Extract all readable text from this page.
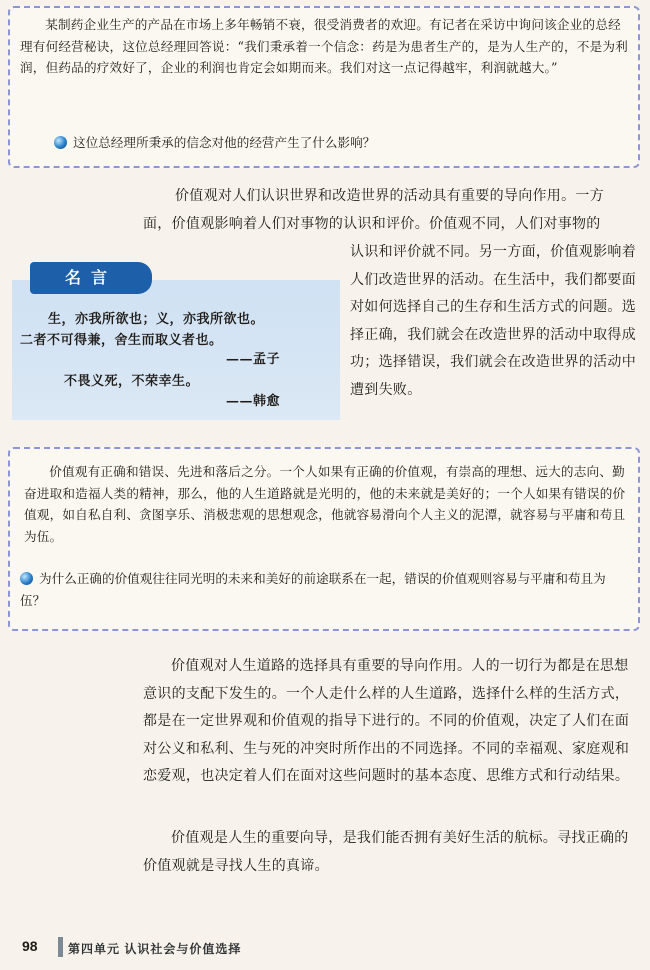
某制药企业生产的产品在市场上多年畅销不衰，很受消费者的欢迎。有记者在采访中询问该企业的总经理有何经营秘诀，这位总经理回答说：“我们秉承着一个信念：药是为患者生产的，是为人生产的，不是为利润，但药品的疗效好了，企业的利润也肯定会如期而来。我们对这一点记得越牢，利润就越大。”

这位总经理所秉承的信念对他的经营产生了什么影响？
价值观对人们认识世界和改造世界的活动具有重要的导向作用。一方
面，价值观影响着人们对事物的认识和评价。价值观不同，人们对事物的
认识和评价就不同。另一方面，价值观影响着人们改造世界的活动。在生活中，我们都要面对如何选择自己的生存和生活方式的问题。选择正确，我们就会在改造世界的活动中取得成功；选择错误，我们就会在改造世界的活动中遭到失败。
名言
生，亦我所欲也；义，亦我所欲也。
二者不可得兼，舍生而取义者也。
——孟子
不畏义死，不荣幸生。
——韩愈

价值观有正确和错误、先进和落后之分。一个人如果有正确的价值观，有崇高的理想、远大的志向、勤奋进取和造福人类的精神，那么，他的人生道路就是光明的，他的未来就是美好的；一个人如果有错误的价值观，如自私自利、贪图享乐、消极悲观的思想观念，他就容易滑向个人主义的泥潭，就容易与平庸和苟且为伍。

为什么正确的价值观往往同光明的未来和美好的前途联系在一起，错误的价值观则容易与平庸和苟且为伍？
价值观对人生道路的选择具有重要的导向作用。人的一切行为都是在思想意识的支配下发生的。一个人走什么样的人生道路，选择什么样的生活方式，都是在一定世界观和价值观的指导下进行的。不同的价值观，决定了人们在面对公义和私利、生与死的冲突时所作出的不同选择。不同的幸福观、家庭观和恋爱观，也决定着人们在面对这些问题时的基本态度、思维方式和行动结果。
价值观是人生的重要向导，是我们能否拥有美好生活的航标。寻找正确的价值观就是寻找人生的真谛。
98	第四单元 认识社会与价值选择
